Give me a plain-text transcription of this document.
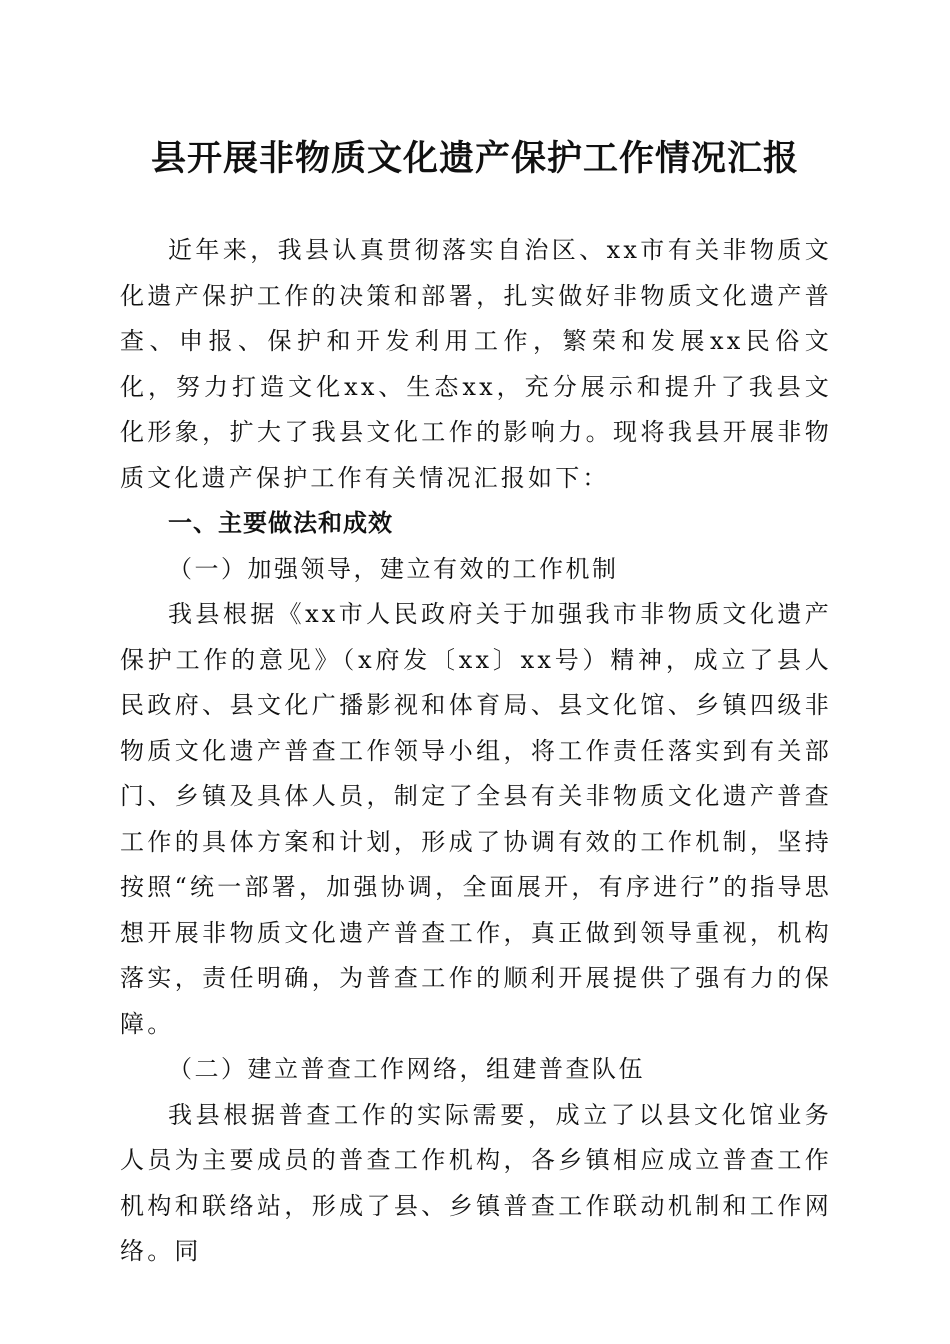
县开展非物质文化遗产保护工作情况汇报

近年来，我县认真贯彻落实自治区、xx市有关非物质文化遗产保护工作的决策和部署，扎实做好非物质文化遗产普查、申报、保护和开发利用工作，繁荣和发展xx民俗文化，努力打造文化xx、生态xx，充分展示和提升了我县文化形象，扩大了我县文化工作的影响力。现将我县开展非物质文化遗产保护工作有关情况汇报如下：

一、主要做法和成效

（一）加强领导，建立有效的工作机制

我县根据《xx市人民政府关于加强我市非物质文化遗产保护工作的意见》（x府发〔xx〕xx号）精神，成立了县人民政府、县文化广播影视和体育局、县文化馆、乡镇四级非物质文化遗产普查工作领导小组，将工作责任落实到有关部门、乡镇及具体人员，制定了全县有关非物质文化遗产普查工作的具体方案和计划，形成了协调有效的工作机制，坚持按照“统一部署，加强协调，全面展开，有序进行”的指导思想开展非物质文化遗产普查工作，真正做到领导重视，机构落实，责任明确，为普查工作的顺利开展提供了强有力的保障。

（二）建立普查工作网络，组建普查队伍

我县根据普查工作的实际需要，成立了以县文化馆业务人员为主要成员的普查工作机构，各乡镇相应成立普查工作机构和联络站，形成了县、乡镇普查工作联动机制和工作网络。同
